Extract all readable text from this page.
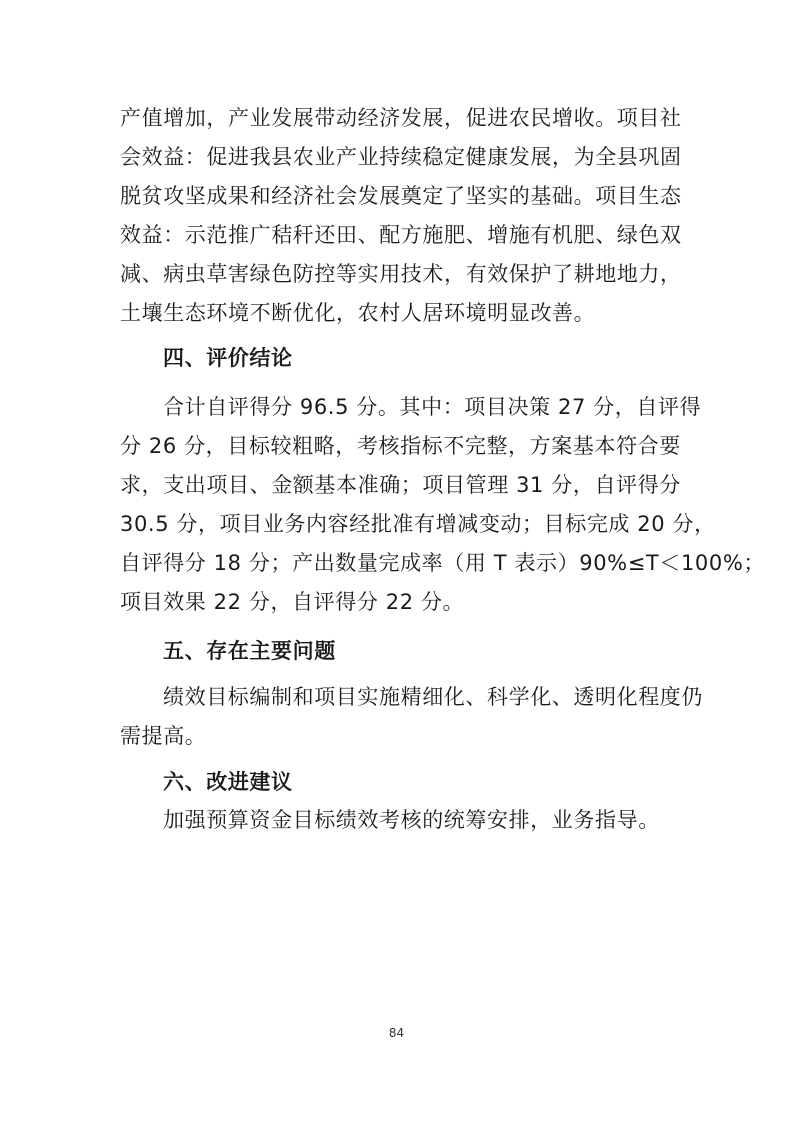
产值增加，产业发展带动经济发展，促进农民增收。项目社
会效益：促进我县农业产业持续稳定健康发展，为全县巩固
脱贫攻坚成果和经济社会发展奠定了坚实的基础。项目生态
效益：示范推广秸秆还田、配方施肥、增施有机肥、绿色双
减、病虫草害绿色防控等实用技术，有效保护了耕地地力，
土壤生态环境不断优化，农村人居环境明显改善。
四、评价结论
合计自评得分 96.5 分。其中：项目决策 27 分，自评得
分 26 分，目标较粗略，考核指标不完整，方案基本符合要
求，支出项目、金额基本准确；项目管理 31 分，自评得分
30.5 分，项目业务内容经批准有增减变动；目标完成 20 分，
自评得分 18 分；产出数量完成率（用 T 表示）90%≤T＜100%；
项目效果 22 分，自评得分 22 分。
五、存在主要问题
绩效目标编制和项目实施精细化、科学化、透明化程度仍
需提高。
六、改进建议
加强预算资金目标绩效考核的统筹安排，业务指导。
84
